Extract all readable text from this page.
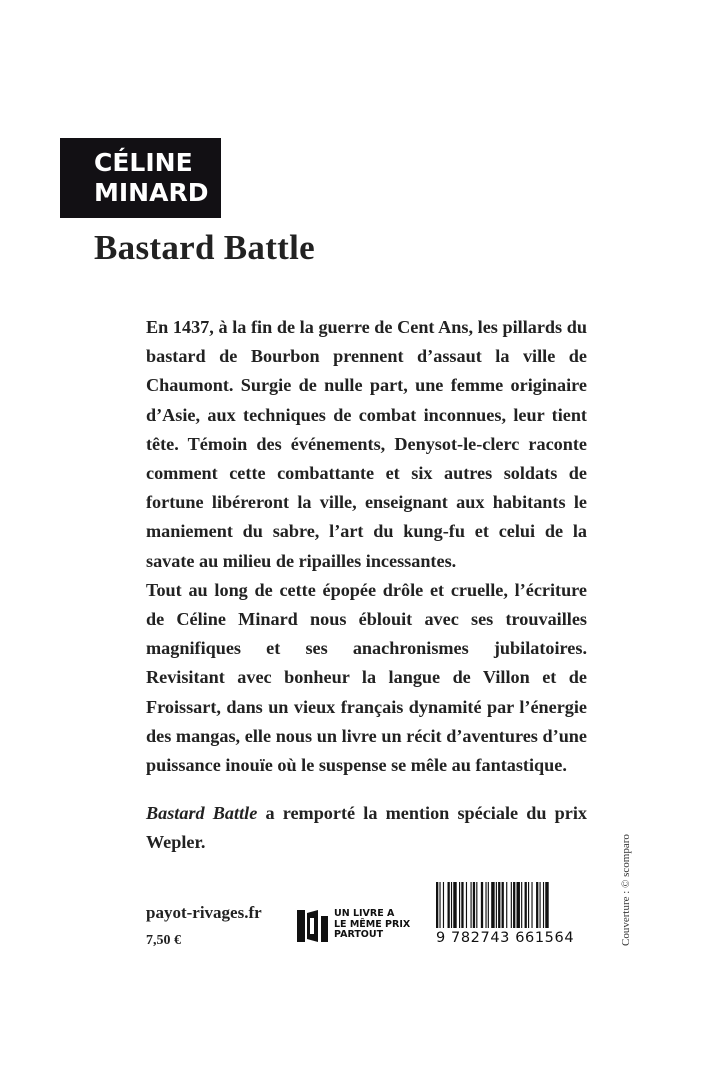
CÉLINE
MINARD
Bastard Battle

En 1437, à la fin de la guerre de Cent Ans, les pillards du bastard de Bourbon prennent d’assaut la ville de Chaumont. Surgie de nulle part, une femme originaire d’Asie, aux techniques de combat inconnues, leur tient tête. Témoin des événements, Denysot-le-clerc raconte comment cette combattante et six autres soldats de fortune libéreront la ville, enseignant aux habitants le maniement du sabre, l’art du kung-fu et celui de la savate au milieu de ripailles incessantes.

Tout au long de cette épopée drôle et cruelle, l’écriture de Céline Minard nous éblouit avec ses trouvailles magnifiques et ses anachronismes jubilatoires. Revisitant avec bonheur la langue de Villon et de Froissart, dans un vieux français dynamité par l’énergie des mangas, elle nous un livre un récit d’aventures d’une puissance inouïe où le suspense se mêle au fantastique.

Bastard Battle a remporté la mention spéciale du prix Wepler.
payot-rivages.fr
7,50 €
UN LIVRE A
LE MÊME PRIX
PARTOUT	9 782743 661564	Couverture : © scomparo
